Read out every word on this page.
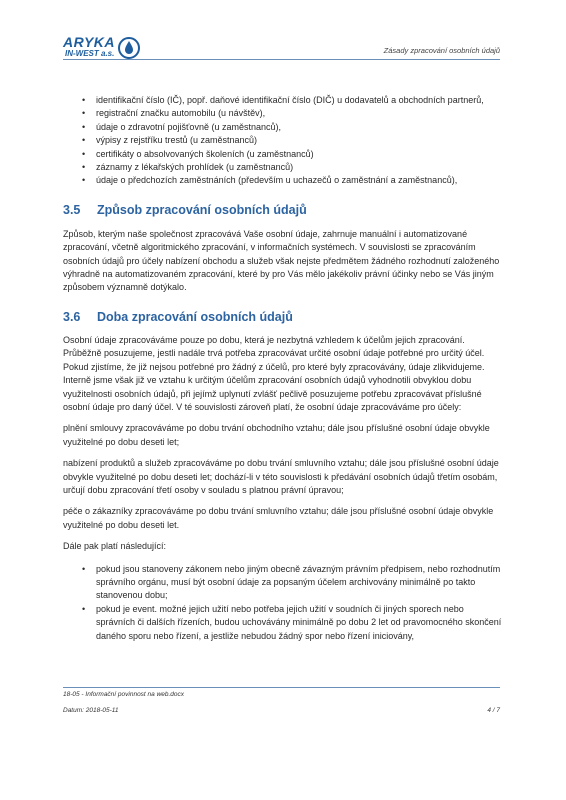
ARYKA
IN-WEST a.s.	Zásady zpracování osobních údajů
• identifikační číslo (IČ), popř. daňové identifikační číslo (DIČ) u dodavatelů a obchodních partnerů,
• registrační značku automobilu (u návštěv),
• údaje o zdravotní pojišťovně (u zaměstnanců),
• výpisy z rejstříku trestů (u zaměstnanců)
• certifikáty o absolvovaných školeních (u zaměstnanců)
• záznamy z lékařských prohlídek (u zaměstnanců)
• údaje o předchozích zaměstnáních (především u uchazečů o zaměstnání a zaměstnanců),
3.5 Způsob zpracování osobních údajů

Způsob, kterým naše společnost zpracovává Vaše osobní údaje, zahrnuje manuální i automatizované zpracování, včetně algoritmického zpracování, v informačních systémech. V souvislosti se zpracováním osobních údajů pro účely nabízení obchodu a služeb však nejste předmětem žádného rozhodnutí založeného výhradně na automatizovaném zpracování, které by pro Vás mělo jakékoliv právní účinky nebo se Vás jiným způsobem významně dotýkalo.

3.6 Doba zpracování osobních údajů

Osobní údaje zpracováváme pouze po dobu, která je nezbytná vzhledem k účelům jejich zpracování. Průběžně posuzujeme, jestli nadále trvá potřeba zpracovávat určité osobní údaje potřebné pro určitý účel. Pokud zjistíme, že již nejsou potřebné pro žádný z účelů, pro které byly zpracovávány, údaje zlikvidujeme. Interně jsme však již ve vztahu k určitým účelům zpracování osobních údajů vyhodnotili obvyklou dobu využitelnosti osobních údajů, při jejímž uplynutí zvlášť pečlivě posuzujeme potřebu zpracovávat příslušné osobní údaje pro daný účel. V té souvislosti zároveň platí, že osobní údaje zpracováváme pro účely:

plnění smlouvy zpracováváme po dobu trvání obchodního vztahu; dále jsou příslušné osobní údaje obvykle využitelné po dobu deseti let;

nabízení produktů a služeb zpracováváme po dobu trvání smluvního vztahu; dále jsou příslušné osobní údaje obvykle využitelné po dobu deseti let; dochází-li v této souvislosti k předávání osobních údajů třetím osobám, určují dobu zpracování třetí osoby v souladu s platnou právní úpravou;

péče o zákazníky zpracováváme po dobu trvání smluvního vztahu; dále jsou příslušné osobní údaje obvykle využitelné po dobu deseti let.

Dále pak platí následující:

• pokud jsou stanoveny zákonem nebo jiným obecně závazným právním předpisem, nebo rozhodnutím správního orgánu, musí být osobní údaje za popsaným účelem archivovány minimálně po takto stanovenou dobu;
• pokud je event. možné jejich užití nebo potřeba jejich užití v soudních či jiných sporech nebo správních či dalších řízeních, budou uchovávány minimálně po dobu 2 let od pravomocného skončení daného sporu nebo řízení, a jestliže nebudou žádný spor nebo řízení iniciovány,
18-05 - Informační povinnost na web.docx
Datum: 2018-05-11	4 / 7
